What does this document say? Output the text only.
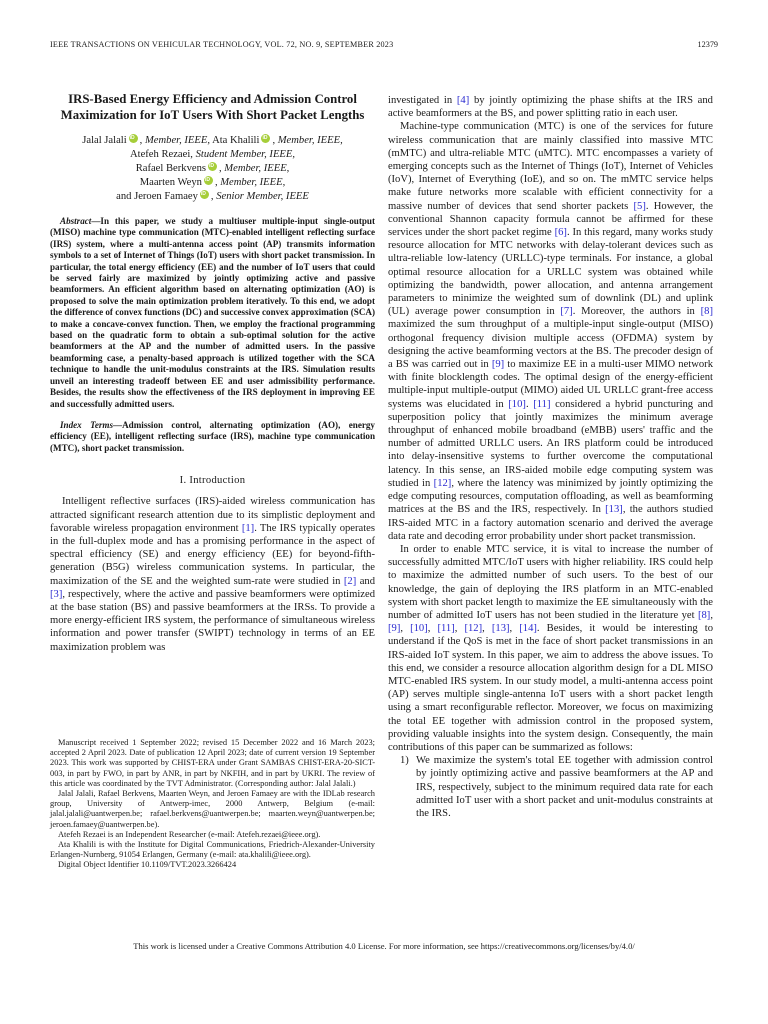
IEEE TRANSACTIONS ON VEHICULAR TECHNOLOGY, VOL. 72, NO. 9, SEPTEMBER 2023	12379
IRS-Based Energy Efficiency and Admission Control Maximization for IoT Users With Short Packet Lengths
Jalal Jalali iD , Member, IEEE, Ata Khalili iD , Member, IEEE,
Atefeh Rezaei, Student Member, IEEE,
Rafael Berkvens iD , Member, IEEE,
Maarten Weyn iD , Member, IEEE,
and Jeroen Famaey iD , Senior Member, IEEE

Abstract—In this paper, we study a multiuser multiple-input single-output (MISO) machine type communication (MTC)-enabled intelligent reflecting surface (IRS) system, where a multi-antenna access point (AP) transmits information symbols to a set of Internet of Things (IoT) users with short packet transmission. In particular, the total energy efficiency (EE) and the number of IoT users that could be served fairly are maximized by jointly optimizing active and passive beamformers. An efficient algorithm based on alternating optimization (AO) is proposed to solve the main optimization problem iteratively. To this end, we adopt the difference of convex functions (DC) and successive convex approximation (SCA) to make a concave-convex function. Then, we employ the fractional programming based on the quadratic form to obtain a sub-optimal solution for the active beamformers at the AP and the number of admitted users. In the passive beamforming case, a penalty-based approach is utilized together with the SCA technique to handle the unit-modulus constraints at the IRS. Simulation results unveil an interesting tradeoff between EE and user admissibility performance. Besides, the results show the effectiveness of the IRS deployment in improving EE and successfully admitted users.

Index Terms—Admission control, alternating optimization (AO), energy efficiency (EE), intelligent reflecting surface (IRS), machine type communication (MTC), short packet transmission.

I. Introduction

Intelligent reflective surfaces (IRS)-aided wireless communication has attracted significant research attention due to its simplistic deployment and favorable wireless propagation environment [1]. The IRS typically operates in the full-duplex mode and has a promising performance in the aspect of spectral efficiency (SE) and energy efficiency (EE) for beyond-fifth-generation (B5G) wireless communication systems. In particular, the maximization of the SE and the weighted sum-rate were studied in [2] and [3], respectively, where the active and passive beamformers were optimized at the base station (BS) and passive beamformers at the IRSs. To provide a more energy-efficient IRS system, the performance of simultaneous wireless information and power transfer (SWIPT) technology in terms of an EE maximization problem was

Manuscript received 1 September 2022; revised 15 December 2022 and 16 March 2023; accepted 2 April 2023. Date of publication 12 April 2023; date of current version 19 September 2023. This work was supported by CHIST-ERA under Grant SAMBAS CHIST-ERA-20-SICT-003, in part by FWO, in part by ANR, in part by NKFIH, and in part by UKRI. The review of this article was coordinated by the TVT Administrator. (Corresponding author: Jalal Jalali.)

Jalal Jalali, Rafael Berkvens, Maarten Weyn, and Jeroen Famaey are with the IDLab research group, University of Antwerp-imec, 2000 Antwerp, Belgium (e-mail: jalal.jalali@uantwerpen.be; rafael.berkvens@uantwerpen.be; maarten.weyn@uantwerpen.be; jeroen.famaey@uantwerpen.be).

Atefeh Rezaei is an Independent Researcher (e-mail: Atefeh.rezaei@ieee.org).

Ata Khalili is with the Institute for Digital Communications, Friedrich-Alexander-University Erlangen-Nurnberg, 91054 Erlangen, Germany (e-mail: ata.khalili@ieee.org).

Digital Object Identifier 10.1109/TVT.2023.3266424

investigated in [4] by jointly optimizing the phase shifts at the IRS and active beamformers at the BS, and power splitting ratio in each user.

Machine-type communication (MTC) is one of the services for future wireless communication that are mainly classified into massive MTC (mMTC) and ultra-reliable MTC (uMTC). MTC encompasses a variety of emerging concepts such as the Internet of Things (IoT), Internet of Vehicles (IoV), Internet of Everything (IoE), and so on. The mMTC service helps make future networks more scalable with efficient connectivity for a massive number of devices that send shorter packets [5]. However, the conventional Shannon capacity formula cannot be affirmed for these services under the short packet regime [6]. In this regard, many works study resource allocation for MTC networks with delay-tolerant devices such as ultra-reliable low-latency (URLLC)-type terminals. For instance, a global optimal resource allocation for a URLLC system was obtained while optimizing the bandwidth, power allocation, and antenna arrangement parameters to minimize the weighted sum of downlink (DL) and uplink (UL) average power consumption in [7]. Moreover, the authors in [8] maximized the sum throughput of a multiple-input single-output (MISO) orthogonal frequency division multiple access (OFDMA) system by designing the active beamforming vectors at the BS. The precoder design of a BS was carried out in [9] to maximize EE in a multi-user MIMO network with finite blocklength codes. The optimal design of the energy-efficient multiple-input multiple-output (MIMO) aided UL URLLC grant-free access systems was elucidated in [10]. [11] considered a hybrid puncturing and superposition policy that jointly maximizes the minimum average throughput of enhanced mobile broadband (eMBB) users' traffic and the number of admitted URLLC users. An IRS platform could be introduced into delay-insensitive systems to further overcome the computational latency. In this sense, an IRS-aided mobile edge computing system was studied in [12], where the latency was minimized by jointly optimizing the edge computing resources, computation offloading, as well as beamforming matrices at the BS and the IRS, respectively. In [13], the authors studied IRS-aided MTC in a factory automation scenario and derived the average data rate and decoding error probability under short packet transmission.

In order to enable MTC service, it is vital to increase the number of successfully admitted MTC/IoT users with higher reliability. IRS could help to maximize the admitted number of such users. To the best of our knowledge, the gain of deploying the IRS platform in an MTC-enabled system with short packet length to maximize the EE simultaneously with the number of admitted IoT users has not been studied in the literature yet [8], [9], [10], [11], [12], [13], [14]. Besides, it would be interesting to understand if the QoS is met in the face of short packet transmissions in an IRS-aided IoT system. In this paper, we aim to address the above issues. To this end, we consider a resource allocation algorithm design for a DL MISO MTC-enabled IRS system. In our study model, a multi-antenna access point (AP) serves multiple single-antenna IoT users with a short packet length using a smart reconfigurable reflector. Moreover, we focus on maximizing the total EE together with admission control in the proposed system, providing valuable insights into the system design. Consequently, the main contributions of this paper can be summarized as follows:

1) We maximize the system's total EE together with admission control by jointly optimizing active and passive beamformers at the AP and IRS, respectively, subject to the minimum required data rate for each admitted IoT user with a short packet and unit-modulus constraints at the IRS.
This work is licensed under a Creative Commons Attribution 4.0 License. For more information, see https://creativecommons.org/licenses/by/4.0/
